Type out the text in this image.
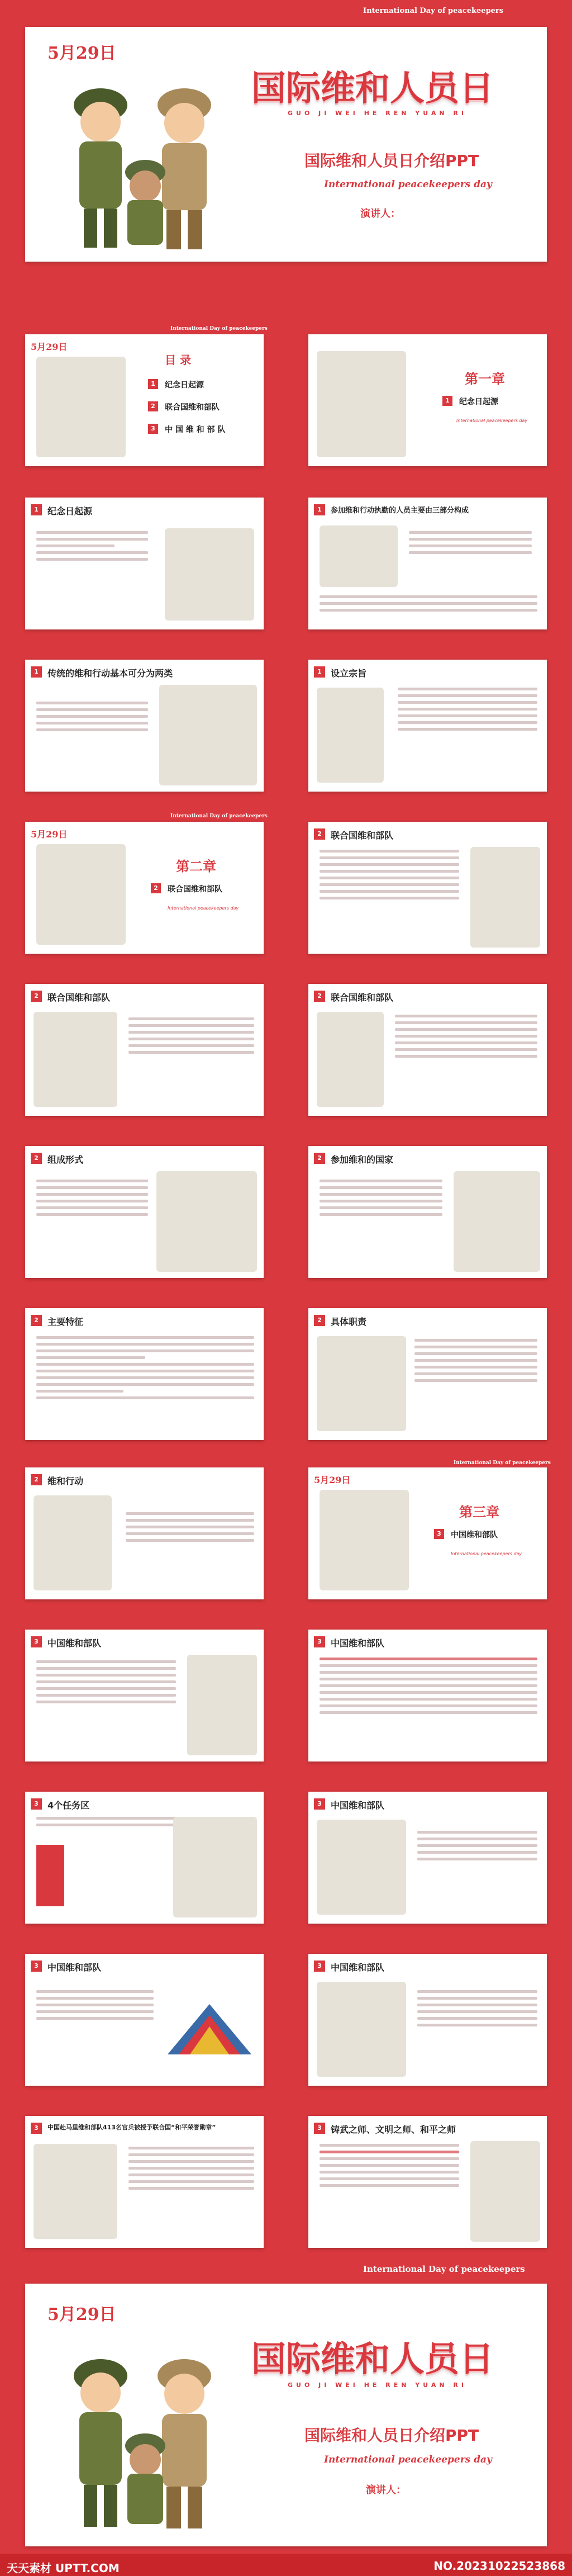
International Day of peacekeepers
5月29日
国际维和人员日
GUO JI WEI HE REN YUAN RI
国际维和人员日介绍PPT
International peacekeepers day
演讲人：
International Day of peacekeepers
5月29日
目 录
1	纪念日起源
2	联合国维和部队
3	中 国 维 和 部 队
第一章
1	纪念日起源
International peacekeepers day
1	纪念日起源	1	参加维和行动执勤的人员主要由三部分构成
1	传统的维和行动基本可分为两类	1	设立宗旨
International Day of peacekeepers
5月29日
第二章
2	联合国维和部队
International peacekeepers day
2	联合国维和部队
2	联合国维和部队	2	联合国维和部队
2	组成形式	2	参加维和的国家
2	主要特征	2	具体职责
International Day of peacekeepers
2	维和行动	5月29日
第三章
3	中国维和部队
International peacekeepers day
3	中国维和部队	3	中国维和部队
3	4个任务区	3	中国维和部队
3	中国维和部队	3	中国维和部队
3	中国赴马里维和部队413名官兵被授予联合国“和平荣誉勋章”	3	铸武之师、文明之师、和平之师
International Day of peacekeepers
5月29日
国际维和人员日
GUO JI WEI HE REN YUAN RI
国际维和人员日介绍PPT
International peacekeepers day
演讲人：
天天素材 UPTT.COM	NO.20231022523868
